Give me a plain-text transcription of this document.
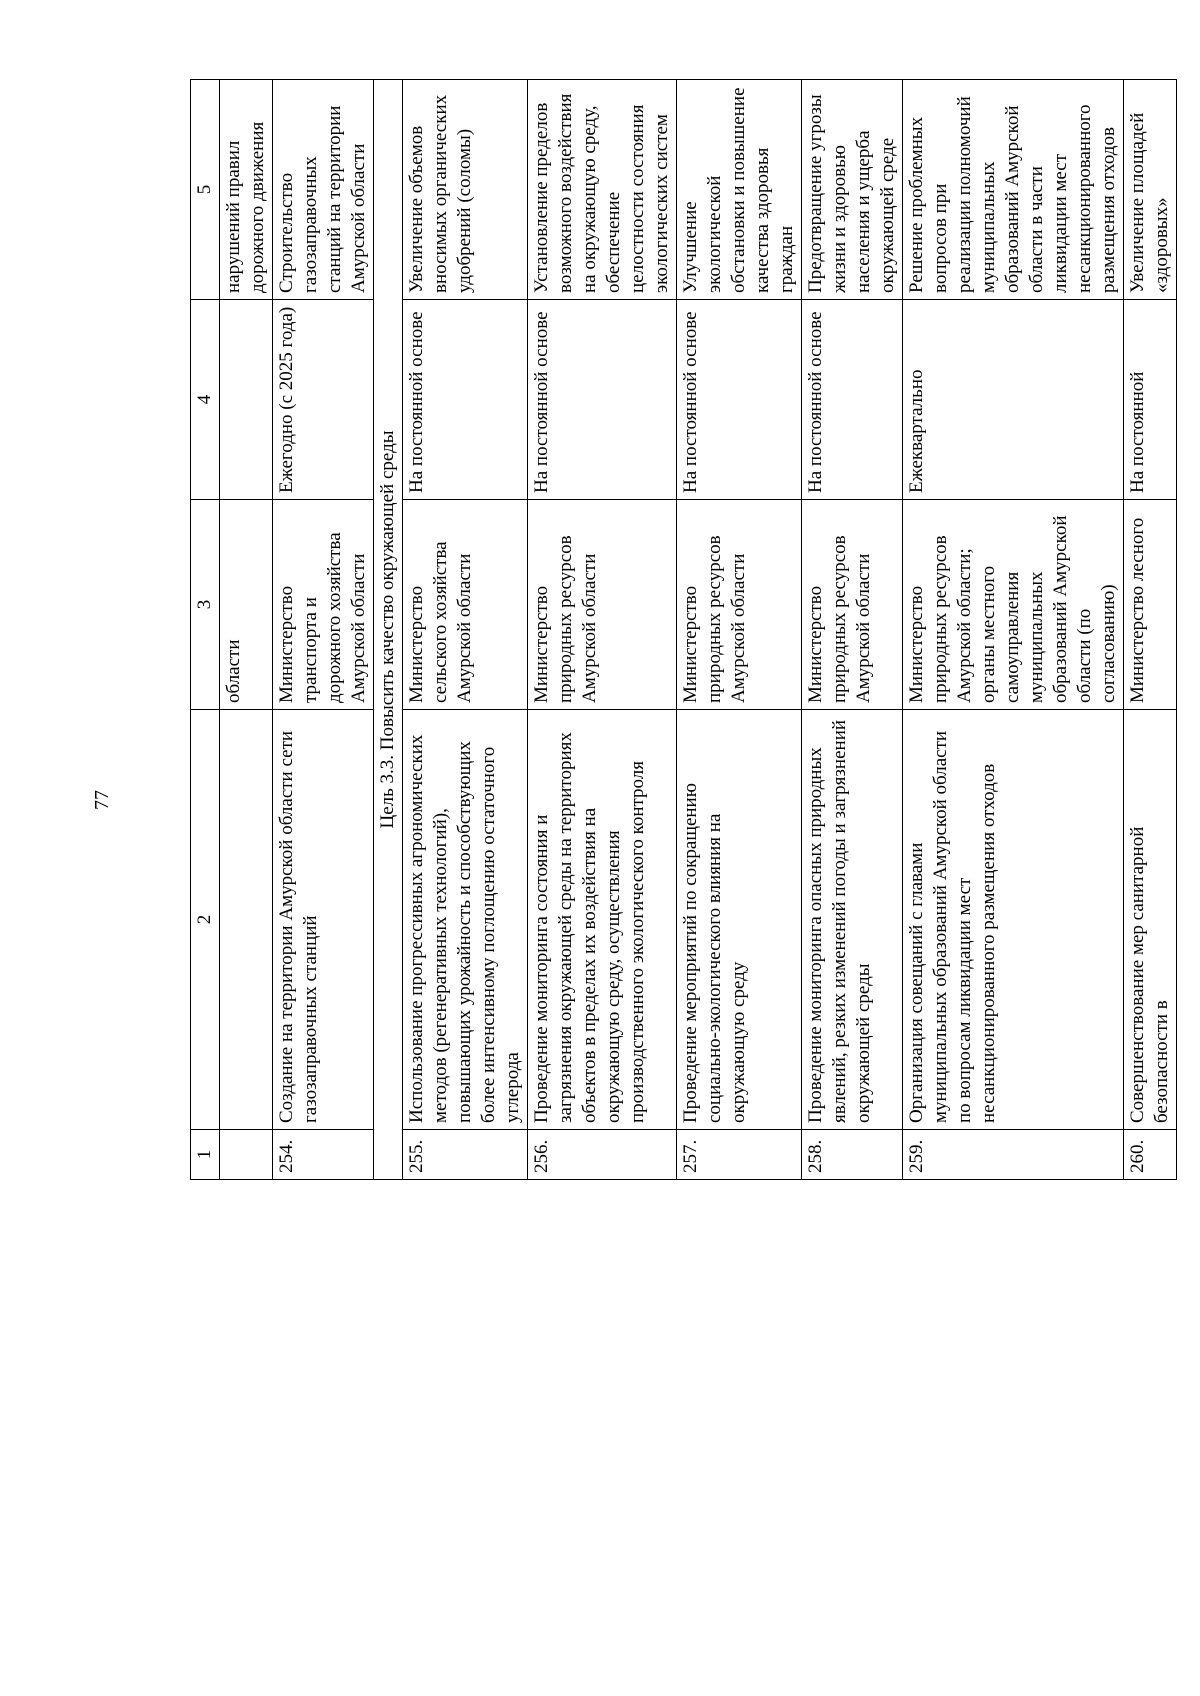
77
1	2	3	4	5
		области		нарушений правил дорожного движения
254.	Создание на территории Амурской области сети газозаправочных станций	Министерство транспорта и дорожного хозяйства Амурской области	Ежегодно (с 2025 года)	Строительство газозаправочных станций на территории Амурской области
Цель 3.3. Повысить качество окружающей среды				
255.	Использование прогрессивных агрономических методов (регенеративных технологий), повышающих урожайность и способствующих более интенсивному поглощению остаточного углерода	Министерство сельского хозяйства Амурской области	На постоянной основе	Увеличение объемов вносимых органических удобрений (соломы)
256.	Проведение мониторинга состояния и загрязнения окружающей среды на территориях объектов в пределах их воздействия на окружающую среду, осуществления производственного экологического контроля	Министерство природных ресурсов Амурской области	На постоянной основе	Установление пределов возможного воздействия на окружающую среду, обеспечение целостности состояния экологических систем
257.	Проведение мероприятий по сокращению социально-экологического влияния на окружающую среду	Министерство природных ресурсов Амурской области	На постоянной основе	Улучшение экологической обстановки и повышение качества здоровья граждан
258.	Проведение мониторинга опасных природных явлений, резких изменений погоды и загрязнений окружающей среды	Министерство природных ресурсов Амурской области	На постоянной основе	Предотвращение угрозы жизни и здоровью населения и ущерба окружающей среде
259.	Организация совещаний с главами муниципальных образований Амурской области по вопросам ликвидации мест несанкционированного размещения отходов	Министерство природных ресурсов Амурской области; органы местного самоуправления муниципальных образований Амурской области (по согласованию)	Ежеквартально	Решение проблемных вопросов при реализации полномочий муниципальных образований Амурской области в части ликвидации мест несанкционированного размещения отходов
260.	Совершенствование мер санитарной безопасности в	Министерство лесного	На постоянной	Увеличение площадей «здоровых»
